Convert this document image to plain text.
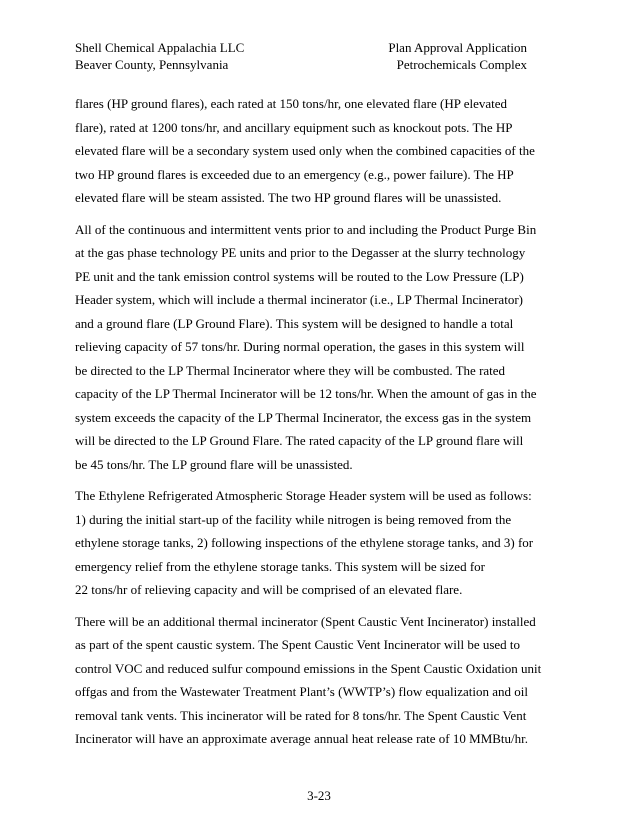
Shell Chemical Appalachia LLC
Beaver County, Pennsylvania
Plan Approval Application
Petrochemicals Complex

flares (HP ground flares), each rated at 150 tons/hr, one elevated flare (HP elevated
flare), rated at 1200 tons/hr, and ancillary equipment such as knockout pots. The HP
elevated flare will be a secondary system used only when the combined capacities of the
two HP ground flares is exceeded due to an emergency (e.g., power failure). The HP
elevated flare will be steam assisted. The two HP ground flares will be unassisted.

All of the continuous and intermittent vents prior to and including the Product Purge Bin
at the gas phase technology PE units and prior to the Degasser at the slurry technology
PE unit and the tank emission control systems will be routed to the Low Pressure (LP)
Header system, which will include a thermal incinerator (i.e., LP Thermal Incinerator)
and a ground flare (LP Ground Flare). This system will be designed to handle a total
relieving capacity of 57 tons/hr. During normal operation, the gases in this system will
be directed to the LP Thermal Incinerator where they will be combusted. The rated
capacity of the LP Thermal Incinerator will be 12 tons/hr. When the amount of gas in the
system exceeds the capacity of the LP Thermal Incinerator, the excess gas in the system
will be directed to the LP Ground Flare. The rated capacity of the LP ground flare will
be 45 tons/hr. The LP ground flare will be unassisted.

The Ethylene Refrigerated Atmospheric Storage Header system will be used as follows:
1) during the initial start-up of the facility while nitrogen is being removed from the
ethylene storage tanks, 2) following inspections of the ethylene storage tanks, and 3) for
emergency relief from the ethylene storage tanks. This system will be sized for
22 tons/hr of relieving capacity and will be comprised of an elevated flare.

There will be an additional thermal incinerator (Spent Caustic Vent Incinerator) installed
as part of the spent caustic system. The Spent Caustic Vent Incinerator will be used to
control VOC and reduced sulfur compound emissions in the Spent Caustic Oxidation unit
offgas and from the Wastewater Treatment Plant’s (WWTP’s) flow equalization and oil
removal tank vents. This incinerator will be rated for 8 tons/hr. The Spent Caustic Vent
Incinerator will have an approximate average annual heat release rate of 10 MMBtu/hr.

3-23
